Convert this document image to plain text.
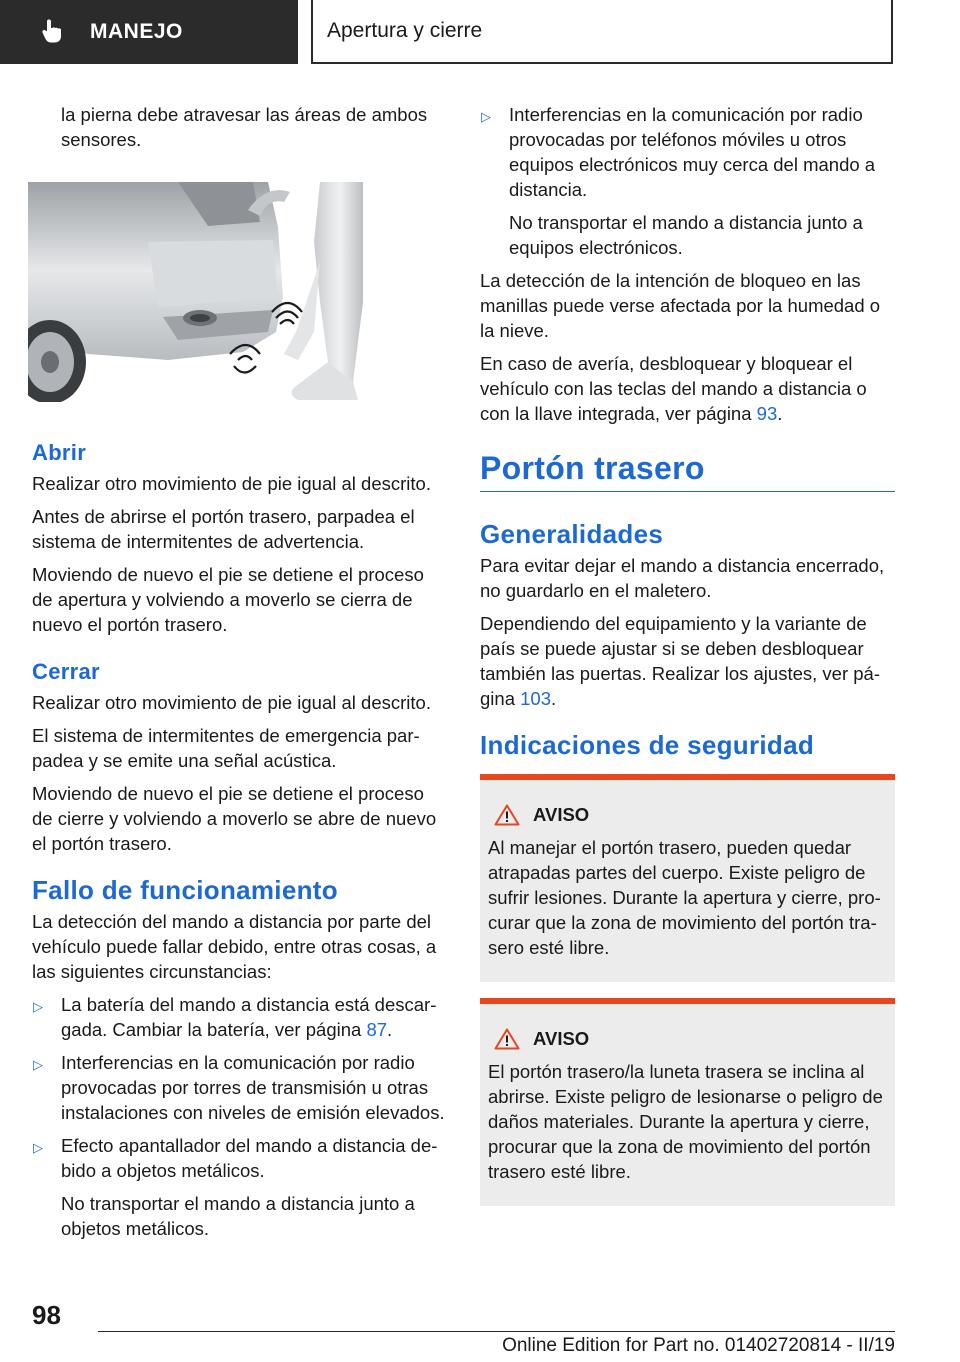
MANEJO	Apertura y cierre

la pierna debe atravesar las áreas de ambos sensores.

Abrir

Realizar otro movimiento de pie igual al descrito.

Antes de abrirse el portón trasero, parpadea el sistema de intermitentes de advertencia.

Moviendo de nuevo el pie se detiene el proceso de apertura y volviendo a moverlo se cierra de nuevo el portón trasero.

Cerrar

Realizar otro movimiento de pie igual al descrito.

El sistema de intermitentes de emergencia parpadea y se emite una señal acústica.

Moviendo de nuevo el pie se detiene el proceso de cierre y volviendo a moverlo se abre de nuevo el portón trasero.

Fallo de funcionamiento

La detección del mando a distancia por parte del vehículo puede fallar debido, entre otras cosas, a las siguientes circunstancias:

▷ La batería del mando a distancia está descargada. Cambiar la batería, ver página 87.
▷ Interferencias en la comunicación por radio provocadas por torres de transmisión u otras instalaciones con niveles de emisión elevados.
▷ Efecto apantallador del mando a distancia debido a objetos metálicos.
No transportar el mando a distancia junto a objetos metálicos.
▷ Interferencias en la comunicación por radio provocadas por teléfonos móviles u otros equipos electrónicos muy cerca del mando a distancia.
No transportar el mando a distancia junto a equipos electrónicos.

La detección de la intención de bloqueo en las manillas puede verse afectada por la humedad o la nieve.

En caso de avería, desbloquear y bloquear el vehículo con las teclas del mando a distancia o con la llave integrada, ver página 93.

Portón trasero
Generalidades

Para evitar dejar el mando a distancia encerrado, no guardarlo en el maletero.

Dependiendo del equipamiento y la variante de país se puede ajustar si se deben desbloquear también las puertas. Realizar los ajustes, ver página 103.

Indicaciones de seguridad
AVISO
Al manejar el portón trasero, pueden quedar atrapadas partes del cuerpo. Existe peligro de sufrir lesiones. Durante la apertura y cierre, procurar que la zona de movimiento del portón trasero esté libre.
AVISO
El portón trasero/la luneta trasera se inclina al abrirse. Existe peligro de lesionarse o peligro de daños materiales. Durante la apertura y cierre, procurar que la zona de movimiento del portón trasero esté libre.
98
Online Edition for Part no. 01402720814 - II/19
